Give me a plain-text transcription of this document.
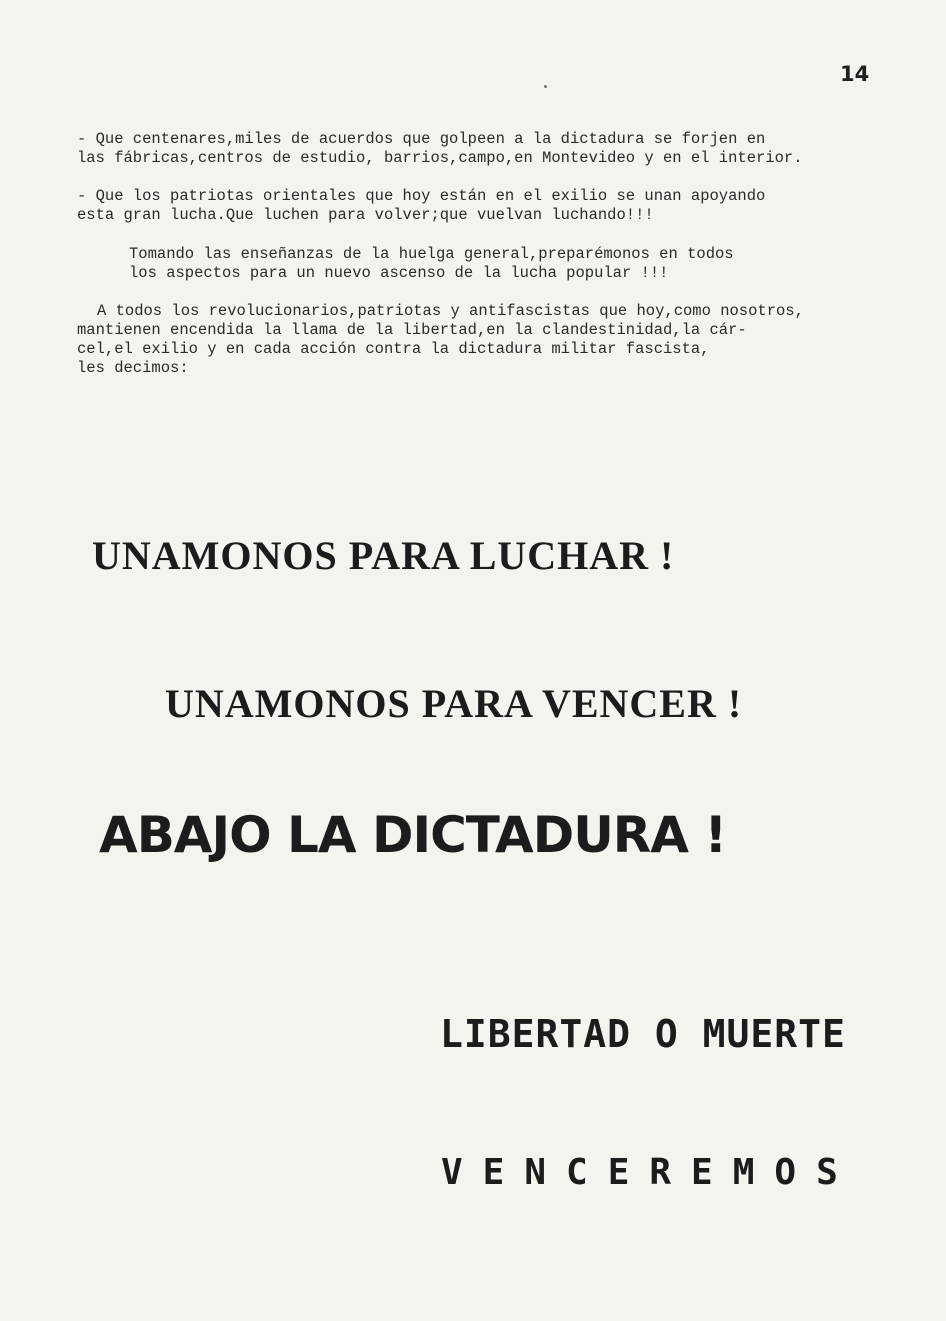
14
- Que centenares,miles de acuerdos que golpeen a la dictadura se forjen en
las fábricas,centros de estudio, barrios,campo,en Montevideo y en el interior.
- Que los patriotas orientales que hoy están en el exilio se unan apoyando
esta gran lucha.Que luchen para volver;que vuelvan luchando!!!
Tomando las enseñanzas de la huelga general,preparémonos en todos
los aspectos para un nuevo ascenso de la lucha popular !!!
A todos los revolucionarios,patriotas y antifascistas que hoy,como nosotros,
mantienen encendida la llama de la libertad,en la clandestinidad,la cár-
cel,el exilio y en cada acción contra la dictadura militar fascista,
les decimos:
UNAMONOS PARA LUCHAR !
UNAMONOS PARA VENCER !
ABAJO LA DICTADURA !
LIBERTAD O MUERTE
VENCEREMOS
